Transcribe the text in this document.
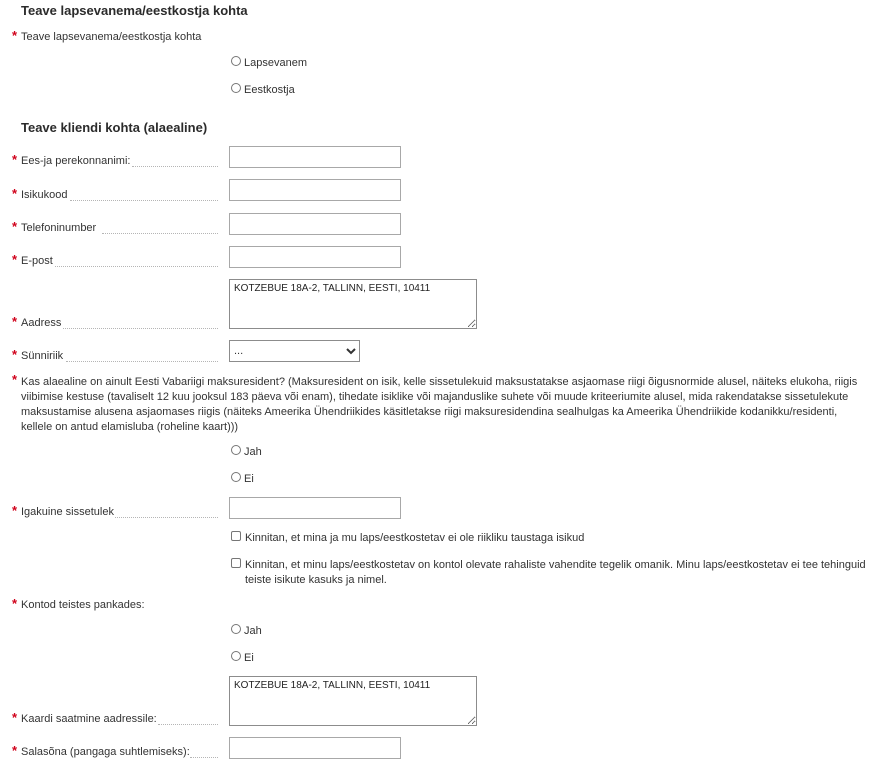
Teave lapsevanema/eestkostja kohta
* Teave lapsevanema/eestkostja kohta
Lapsevanem
Eestkostja
Teave kliendi kohta (alaealine)
* Ees-ja perekonnanimi:
* Isikukood
* Telefoninumber
* E-post
* Aadress
KOTZEBUE 18A-2, TALLINN, EESTI, 10411
* Sünniriik
...
* Kas alaealine on ainult Eesti Vabariigi maksuresident? (Maksuresident on isik, kelle sissetulekuid maksustatakse asjaomase riigi õigusnormide alusel, näiteks elukoha, riigis viibimise kestuse (tavaliselt 12 kuu jooksul 183 päeva või enam), tihedate isiklike või majanduslike suhete või muude kriteeriumite alusel, mida rakendatakse sissetulekute maksustamise alusena asjaomases riigis (näiteks Ameerika Ühendriikides käsitletakse riigi maksuresidendina sealhulgas ka Ameerika Ühendriikide kodanikku/residenti, kellele on antud elamisluba (roheline kaart)))
Jah
Ei
* Igakuine sissetulek
Kinnitan, et mina ja mu laps/eestkostetav ei ole riikliku taustaga isikud
Kinnitan, et minu laps/eestkostetav on kontol olevate rahaliste vahendite tegelik omanik. Minu laps/eestkostetav ei tee tehinguid teiste isikute kasuks ja nimel.
* Kontod teistes pankades:
Jah
Ei
* Kaardi saatmine aadressile:
KOTZEBUE 18A-2, TALLINN, EESTI, 10411
* Salasõna (pangaga suhtlemiseks):
